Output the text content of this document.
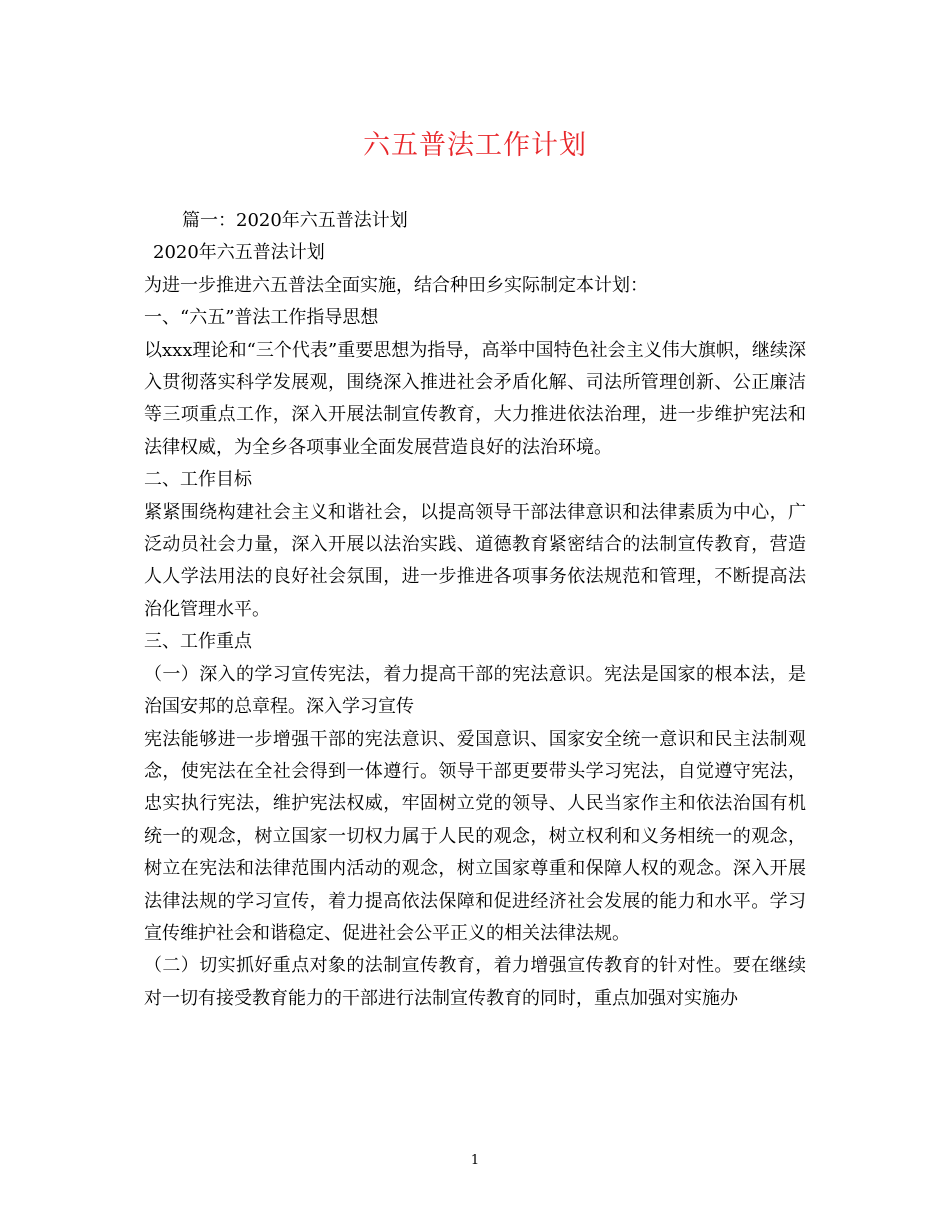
六五普法工作计划

篇一：2020年六五普法计划

2020年六五普法计划

为进一步推进六五普法全面实施，结合种田乡实际制定本计划：

一、“六五”普法工作指导思想

以xxx理论和“三个代表”重要思想为指导，高举中国特色社会主义伟大旗帜，继续深入贯彻落实科学发展观，围绕深入推进社会矛盾化解、司法所管理创新、公正廉洁等三项重点工作，深入开展法制宣传教育，大力推进依法治理，进一步维护宪法和法律权威，为全乡各项事业全面发展营造良好的法治环境。

二、工作目标

紧紧围绕构建社会主义和谐社会，以提高领导干部法律意识和法律素质为中心，广泛动员社会力量，深入开展以法治实践、道德教育紧密结合的法制宣传教育，营造人人学法用法的良好社会氛围，进一步推进各项事务依法规范和管理，不断提高法治化管理水平。

三、工作重点

（一）深入的学习宣传宪法，着力提高干部的宪法意识。宪法是国家的根本法，是治国安邦的总章程。深入学习宣传

宪法能够进一步增强干部的宪法意识、爱国意识、国家安全统一意识和民主法制观念，使宪法在全社会得到一体遵行。领导干部更要带头学习宪法，自觉遵守宪法，忠实执行宪法，维护宪法权威，牢固树立党的领导、人民当家作主和依法治国有机统一的观念，树立国家一切权力属于人民的观念，树立权利和义务相统一的观念，树立在宪法和法律范围内活动的观念，树立国家尊重和保障人权的观念。深入开展法律法规的学习宣传，着力提高依法保障和促进经济社会发展的能力和水平。学习宣传维护社会和谐稳定、促进社会公平正义的相关法律法规。

（二）切实抓好重点对象的法制宣传教育，着力增强宣传教育的针对性。要在继续对一切有接受教育能力的干部进行法制宣传教育的同时，重点加强对实施办

1
